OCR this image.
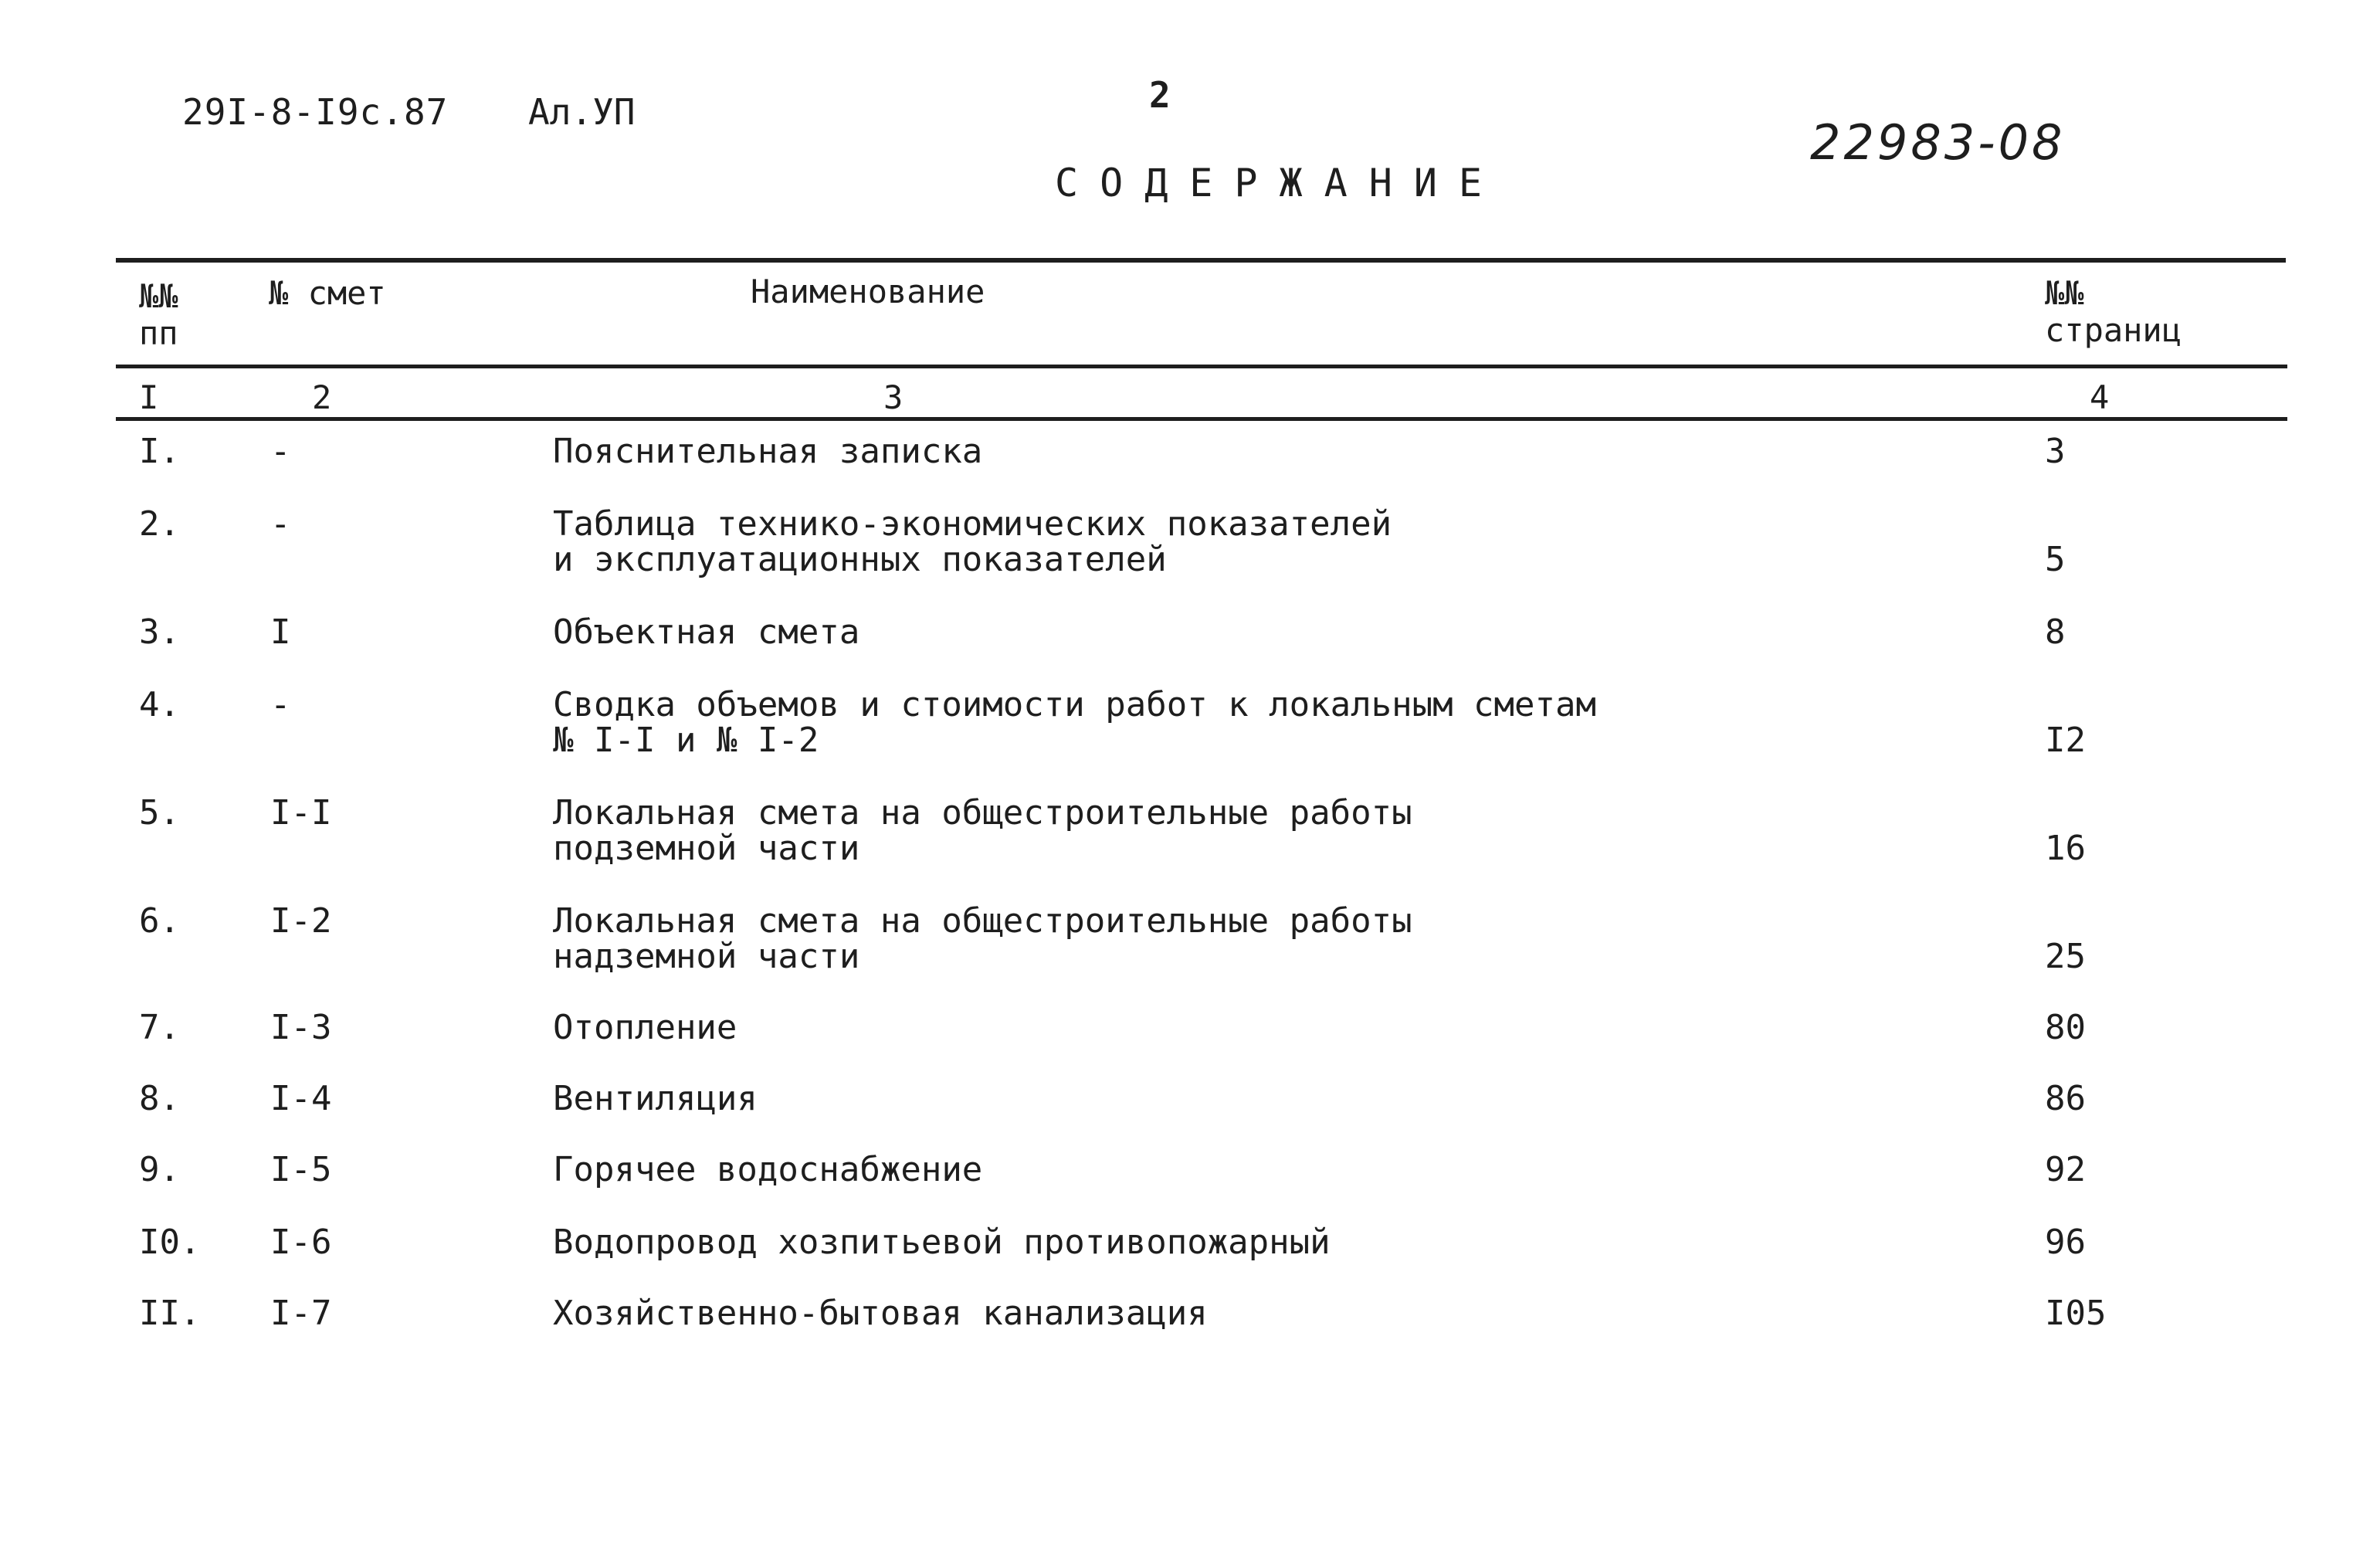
29I-8-I9с.87 Ал.УП	2
22983-08
СОДЕРЖАНИЕ
№№
пп
№ смет	Наименование	№№
страниц
I	2	3	4
I.	-	Пояснительная записка	3
2.	-	Таблица технико-экономических показателей
и эксплуатационных показателей	5
3.	I	Объектная смета	8
4.	-	Сводка объемов и стоимости работ к локальным сметам
№ I-I и № I-2	I2
5.	I-I	Локальная смета на общестроительные работы
подземной части	16
6.	I-2	Локальная смета на общестроительные работы
надземной части	25
7.	I-3	Отопление	80
8.	I-4	Вентиляция	86
9.	I-5	Горячее водоснабжение	92
I0. I-6	Водопровод хозпитьевой противопожарный	96
II. I-7	Хозяйственно-бытовая канализация	I05
